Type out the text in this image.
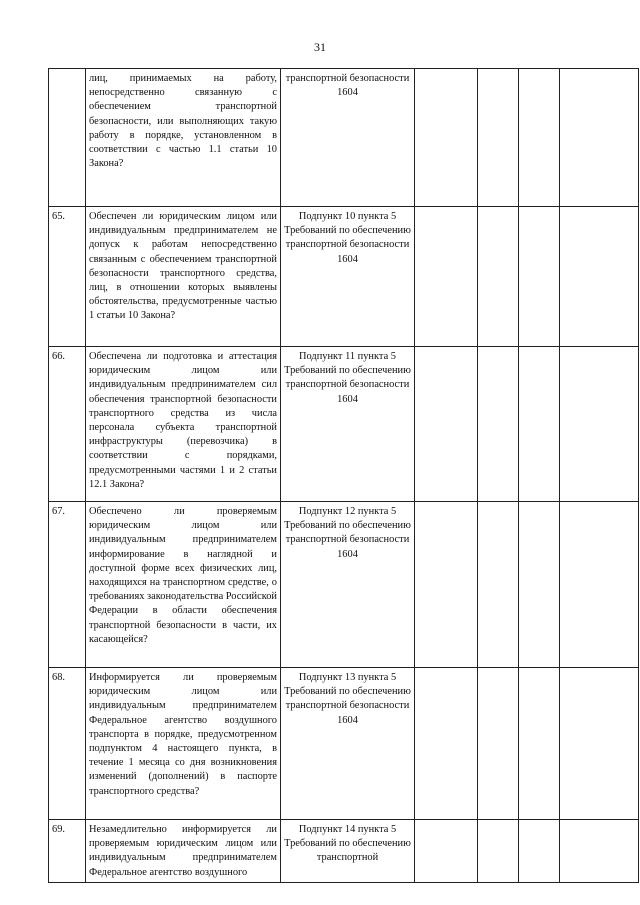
31

	лиц, принимаемых на работу, непосредственно связанную с обеспечением транспортной безопасности, или выполняющих такую работу в порядке, установленном в соответствии с частью 1.1 статьи 10 Закона?	транспортной безопасности 1604				
65.	Обеспечен ли юридическим лицом или индивидуальным предпринимателем не допуск к работам непосредственно связанным с обеспечением транспортной безопасности транспортного средства, лиц, в отношении которых выявлены обстоятельства, предусмотренные частью 1 статьи 10 Закона?	Подпункт 10 пункта 5 Требований по обеспечению транспортной безопасности 1604				
66.	Обеспечена ли подготовка и аттестация юридическим лицом или индивидуальным предпринимателем сил обеспечения транспортной безопасности транспортного средства из числа персонала субъекта транспортной инфраструктуры (перевозчика) в соответствии с порядками, предусмотренными частями 1 и 2 статьи 12.1 Закона?	Подпункт 11 пункта 5 Требований по обеспечению транспортной безопасности 1604				
67.	Обеспечено ли проверяемым юридическим лицом или индивидуальным предпринимателем информирование в наглядной и доступной форме всех физических лиц, находящихся на транспортном средстве, о требованиях законодательства Российской Федерации в области обеспечения транспортной безопасности в части, их касающейся?	Подпункт 12 пункта 5 Требований по обеспечению транспортной безопасности 1604				
68.	Информируется ли проверяемым юридическим лицом или индивидуальным предпринимателем Федеральное агентство воздушного транспорта в порядке, предусмотренном подпунктом 4 настоящего пункта, в течение 1 месяца со дня возникновения изменений (дополнений) в паспорте транспортного средства?	Подпункт 13 пункта 5 Требований по обеспечению транспортной безопасности 1604				
69.	Незамедлительно информируется ли проверяемым юридическим лицом или индивидуальным предпринимателем Федеральное агентство воздушного	Подпункт 14 пункта 5 Требований по обеспечению транспортной				
